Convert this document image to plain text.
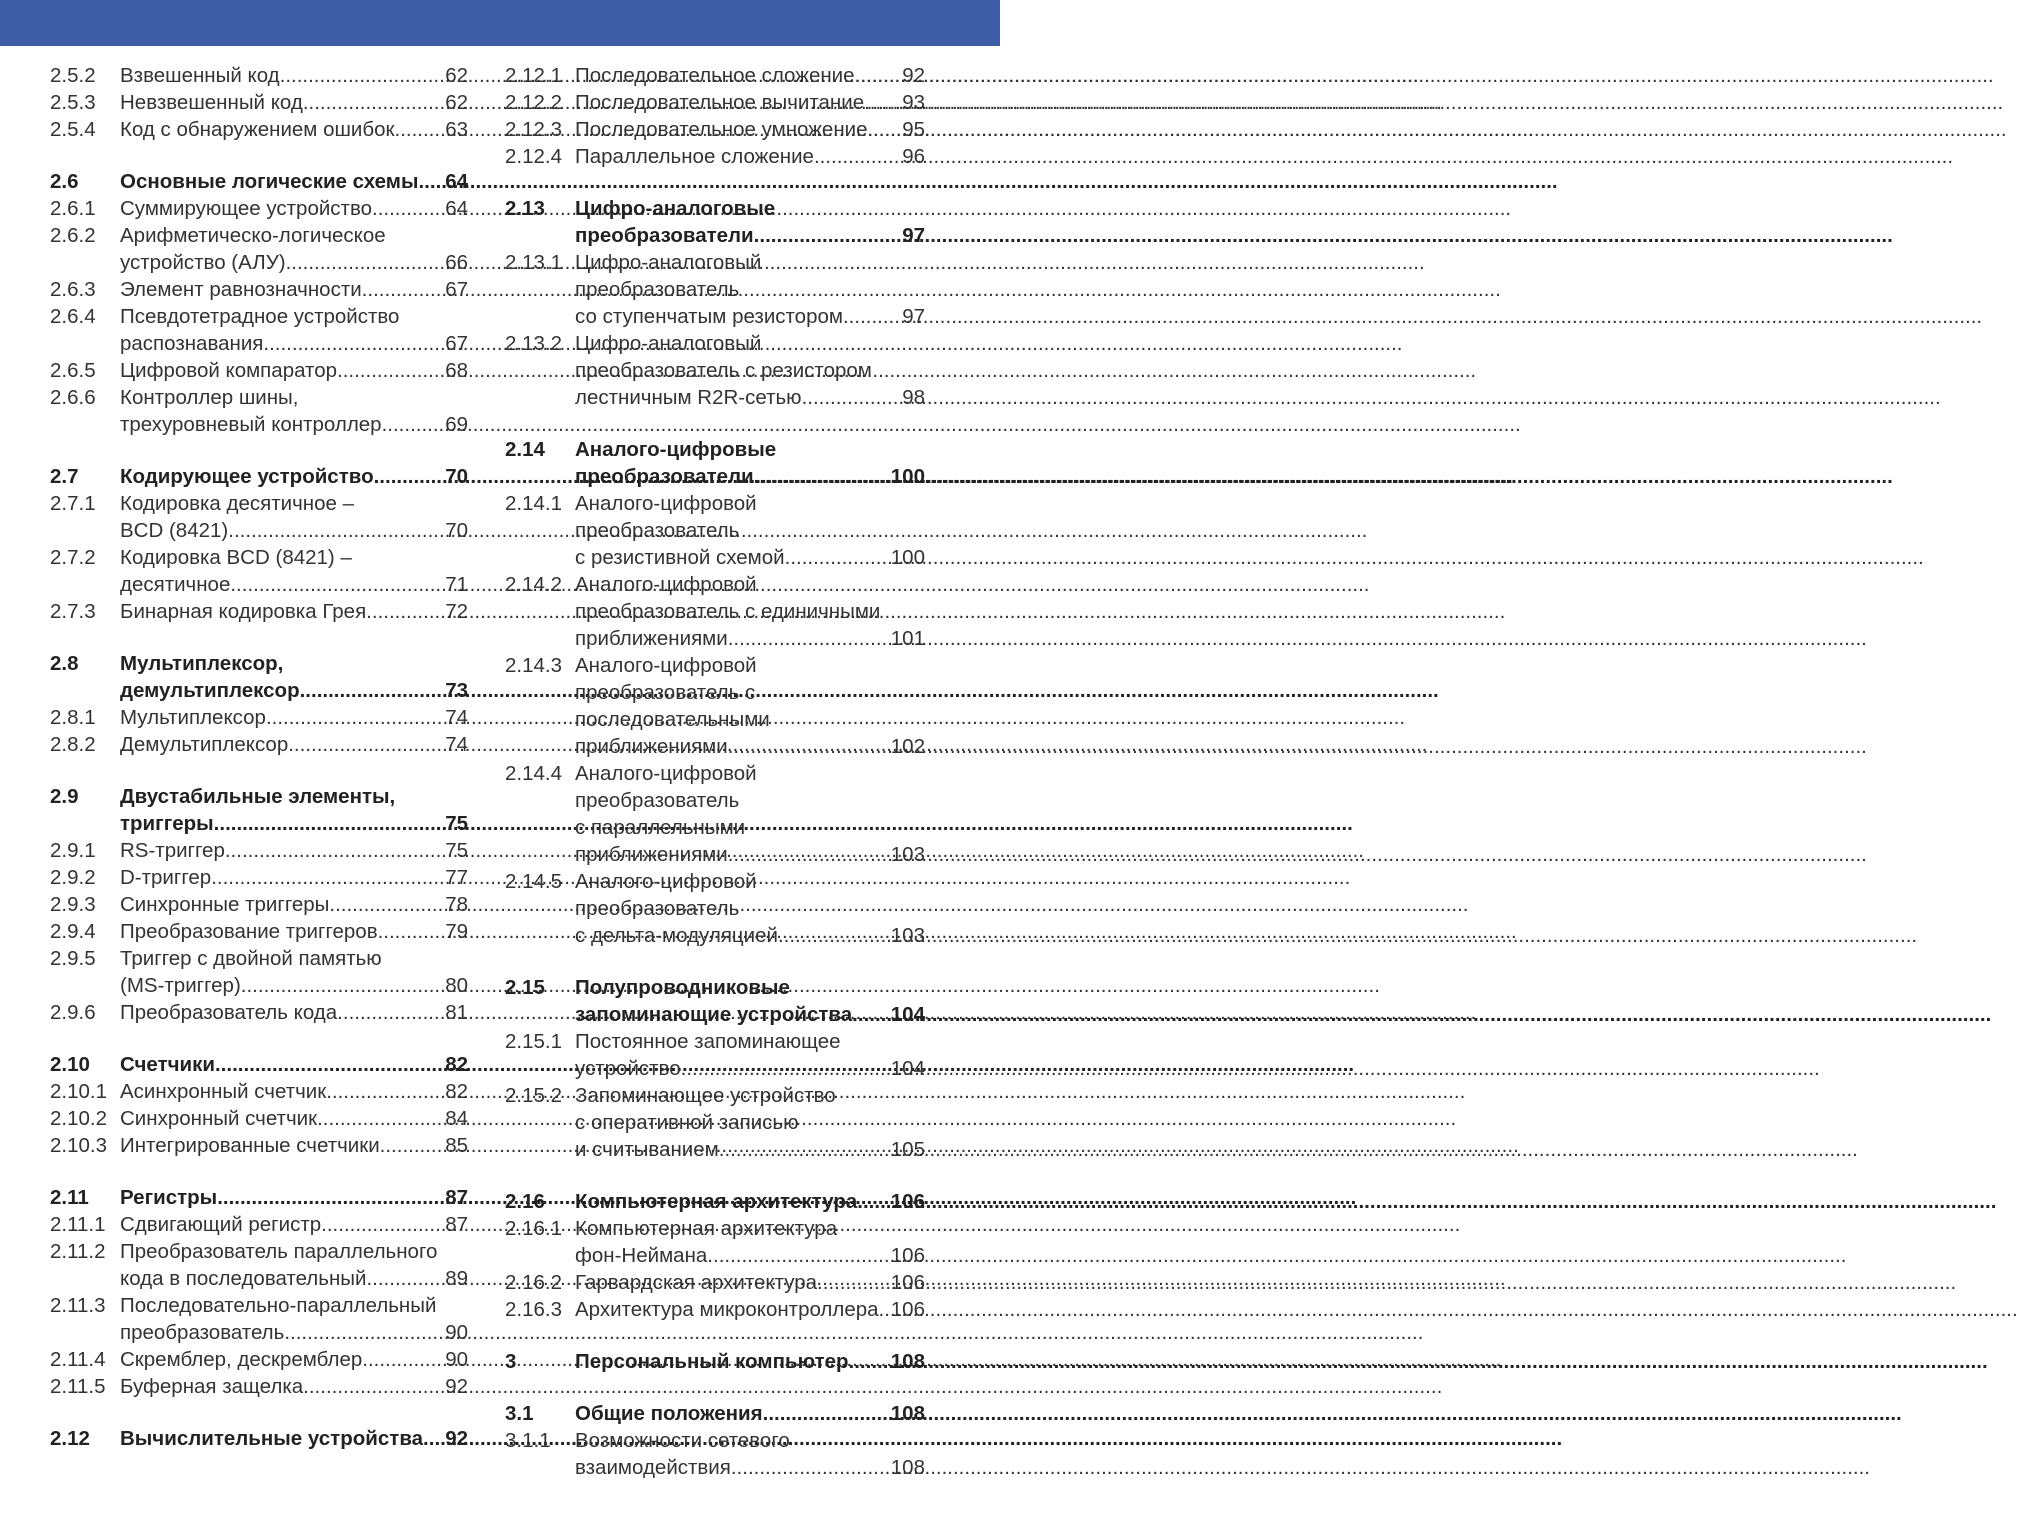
2.5.2	Взвешенный код .....	62
2.5.3	Невзвешенный код .....	62
2.5.4	Код с обнаружением ошибок ..... 63
2.6	Основные логические схемы ..... 64
2.6.1	Суммирующее устройство .....	64
2.6.2	Арифметическо-логическое
устройство (АЛУ) .....	66
2.6.3	Элемент равнозначности .....	67
2.6.4	Псевдотетрадное устройство
распознавания .....	67
2.6.5	Цифровой компаратор .....	68
2.6.6	Контроллер шины,
трехуровневый контроллер .....	69
2.7	Кодирующее устройство .....	70
2.7.1	Кодировка десятичное –
BCD (8421) .....	70
2.7.2	Кодировка BCD (8421) –
десятичное .....	71
2.7.3	Бинарная кодировка Грея .....	72
2.8	Мультиплексор,
демультиплексор .....	73
2.8.1	Мультиплексор .....	74
2.8.2	Демультиплексор .....	74
2.9	Двустабильные элементы,
триггеры .....	75
2.9.1	RS-триггер .....	75
2.9.2	D-триггер .....	77
2.9.3	Синхронные триггеры .....	78
2.9.4	Преобразование триггеров .....	79
2.9.5	Триггер с двойной памятью
(MS-триггер) .....	80
2.9.6	Преобразователь кода .....	81
2.10	Счетчики .....	82
2.10.1 Асинхронный счетчик .....	82
2.10.2 Синхронный счетчик .....	84
2.10.3 Интегрированные счетчики .....	85
2.11	Регистры .....	87
2.11.1 Сдвигающий регистр .....	87
2.11.2 Преобразователь параллельного
кода в последовательный .....	89
2.11.3 Последовательно-параллельный
преобразователь .....	90
2.11.4 Скремблер, дескремблер .....	90
2.11.5 Буферная защелка .....	92
2.12	Вычислительные устройства ..... 92
2.12.1 Последовательное сложение ..... 92
2.12.2 Последовательное вычитание ..... 93
2.12.3 Последовательное умножение ..... 95
2.12.4 Параллельное сложение .....	96
2.13	Цифро-аналоговые
преобразователи .....	97
2.13.1 Цифро-аналоговый
преобразователь
со ступенчатым резистором .....	97
2.13.2 Цифро-аналоговый
преобразователь с резистором
лестничным R2R-сетью .....	98
2.14	Аналого-цифровые
преобразователи .....	100
2.14.1 Аналого-цифровой
преобразователь
с резистивной схемой .....	100
2.14.2 Аналого-цифровой
преобразователь с единичными
приближениями .....	101
2.14.3 Аналого-цифровой
преобразователь с
последовательными
приближениями .....	102
2.14.4 Аналого-цифровой
преобразователь
с параллельными
приближениями .....	103
2.14.5 Аналого-цифровой
преобразователь
с дельта-модуляцией .....	103
2.15	Полупроводниковые
запоминающие устройства ..... 104
2.15.1 Постоянное запоминающее
устройство .....	104
2.15.2 Запоминающее устройство
с оперативной записью
и считыванием .....	105
2.16	Компьютерная архитектура ..... 106
2.16.1 Компьютерная архитектура
фон-Неймана .....	106
2.16.2 Гарвардская архитектура .....	106
2.16.3 Архитектура микроконтроллера ..... 106
3	Персональный компьютер ..... 108
3.1	Общие положения .....	108
3.1.1	Возможности сетевого
взаимодействия .....	108
